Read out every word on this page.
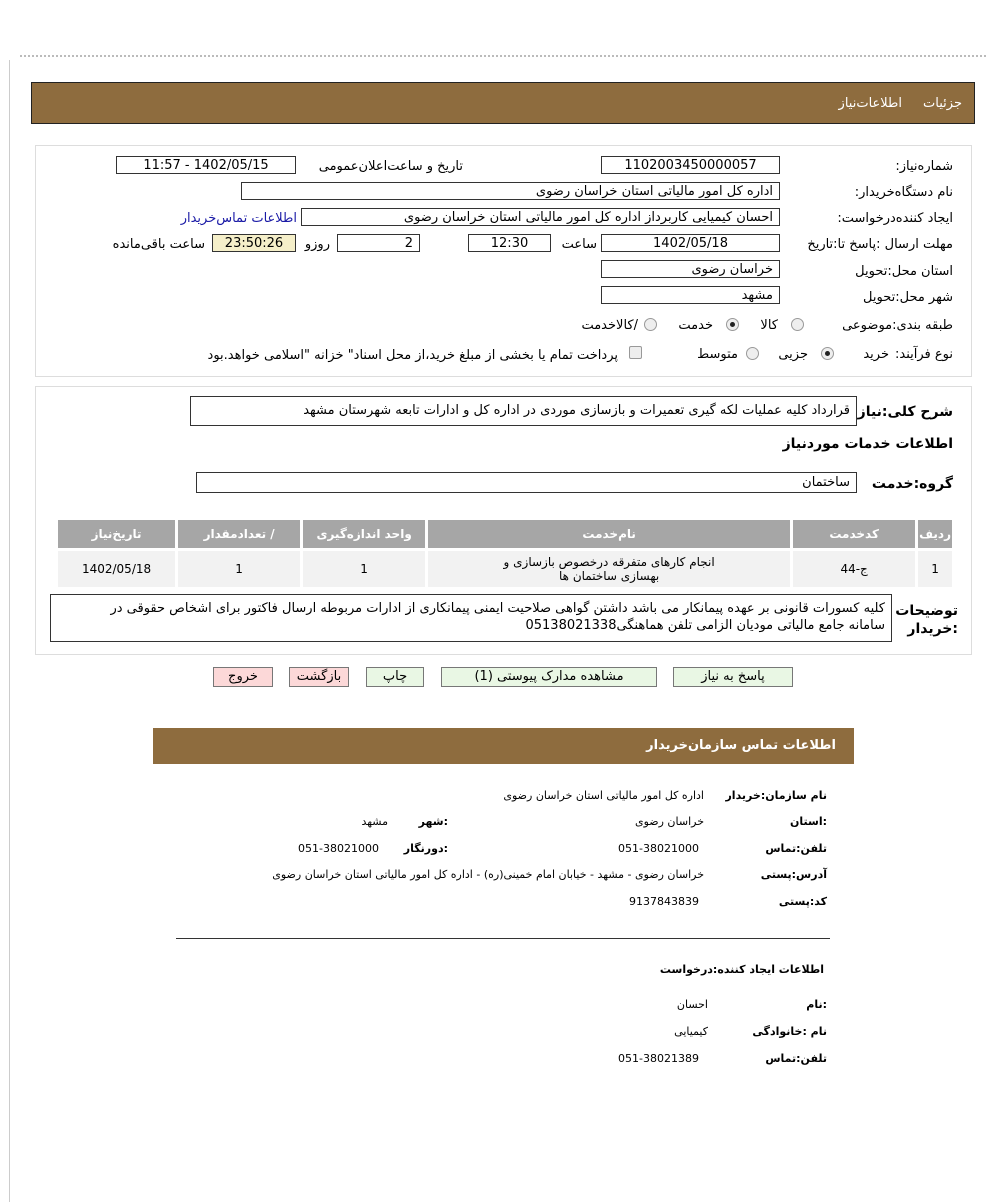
جزئیات
اطلاعات‌نیاز
شماره‌نیاز:
1102003450000057
تاریخ و ساعت‌اعلان‌عمومی
1402/05/15 - 11:57
نام دستگاه‌خریدار:
اداره کل امور مالیاتی استان خراسان رضوی
ایجاد کننده‌درخواست:
احسان کیمیایی کاربرداز اداره کل امور مالیاتی استان خراسان رضوی
اطلاعات تماس‌خریدار
مهلت ارسال :پاسخ تا:تاریخ
1402/05/18
ساعت
12:30
2
روزو
23:50:26
ساعت باقی‌مانده
استان محل:تحویل
خراسان رضوی
شهر محل:تحویل
مشهد
طبقه بندی:موضوعی
کالا
خدمت
/کالاخدمت
نوع فرآیند:
خرید
جزیی
متوسط
پرداخت تمام یا بخشی از مبلغ خرید،از محل اسناد" خزانه "اسلامی خواهد.بود
شرح کلی:نیاز
قرارداد کلیه عملیات لکه گیری تعمیرات و بازسازی موردی در اداره کل و ادارات تابعه شهرستان مشهد
اطلاعات خدمات موردنیاز
گروه:خدمت
ساختمان
ردیف	کدخدمت	نام‌خدمت	واحد اندازه‌گیری	/ تعدادمقدار	تاریخ‌نیاز
1	ج-44	انجام کارهای متفرقه درخصوص بازسازی و
بهسازی ساختمان ها	1	1	1402/05/18
توضیحات
:خریدار
کلیه کسورات قانونی بر عهده پیمانکار می باشد داشتن گواهی صلاحیت ایمنی پیمانکاری از ادارات مربوطه ارسال فاکتور برای اشخاص حقوقی در
سامانه جامع مالیاتی مودیان الزامی تلفن هماهنگی05138021338
پاسخ به نیاز
مشاهده مدارک پیوستی (1)
چاپ
بازگشت
خروج
اطلاعات تماس سازمان‌خریدار
نام سازمان:خریدار
اداره کل امور مالیاتی استان خراسان رضوی
:استان
خراسان رضوی
:شهر
مشهد
تلفن:تماس
051-38021000
:دورنگار
051-38021000
آدرس:پستی
خراسان رضوی - مشهد - خیابان امام خمینی(ره) - اداره کل امور مالیاتی استان خراسان رضوی
کد:پستی
9137843839
اطلاعات ایجاد کننده:درخواست
:نام
احسان
نام :خانوادگی
کیمیایی
تلفن:تماس
051-38021389
